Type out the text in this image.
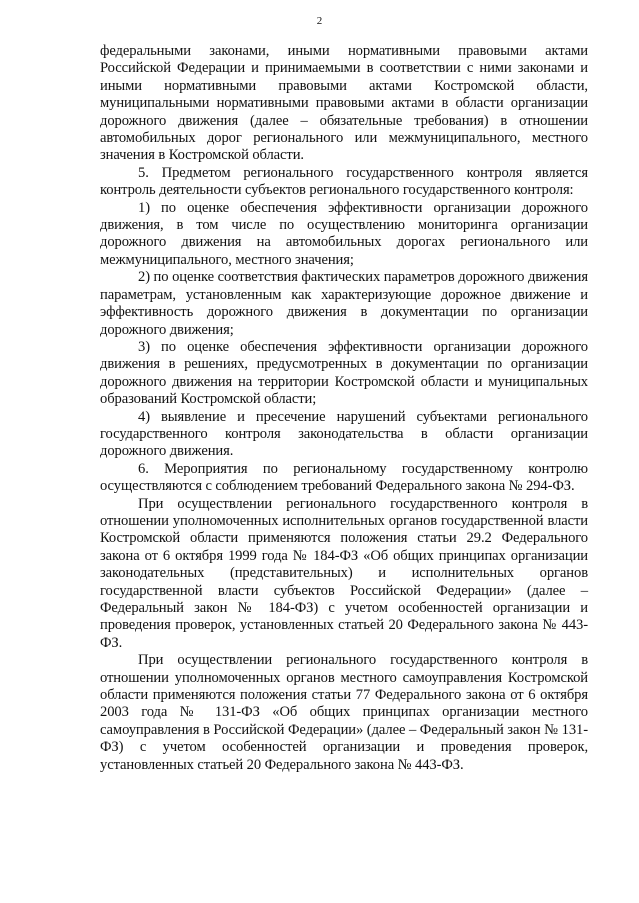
2

федеральными законами, иными нормативными правовыми актами Российской Федерации и принимаемыми в соответствии с ними законами и иными нормативными правовыми актами Костромской области, муниципальными нормативными правовыми актами в области организации дорожного движения (далее – обязательные требования) в отношении автомобильных дорог регионального или межмуниципального, местного значения в Костромской области.

5. Предметом регионального государственного контроля является контроль деятельности субъектов регионального государственного контроля:

1) по оценке обеспечения эффективности организации дорожного движения, в том числе по осуществлению мониторинга организации дорожного движения на автомобильных дорогах регионального или межмуниципального, местного значения;

2) по оценке соответствия фактических параметров дорожного движения параметрам, установленным как характеризующие дорожное движение и эффективность дорожного движения в документации по организации дорожного движения;

3) по оценке обеспечения эффективности организации дорожного движения в решениях, предусмотренных в документации по организации дорожного движения на территории Костромской области и муниципальных образований Костромской области;

4) выявление и пресечение нарушений субъектами регионального государственного контроля законодательства в области организации дорожного движения.

6. Мероприятия по региональному государственному контролю осуществляются с соблюдением требований Федерального закона № 294-ФЗ.

При осуществлении регионального государственного контроля в отношении уполномоченных исполнительных органов государственной власти Костромской области применяются положения статьи 29.2 Федерального закона от 6 октября 1999 года № 184-ФЗ «Об общих принципах организации законодательных (представительных) и исполнительных органов государственной власти субъектов Российской Федерации» (далее – Федеральный закон № 184-ФЗ) с учетом особенностей организации и проведения проверок, установленных статьей 20 Федерального закона № 443-ФЗ.

При осуществлении регионального государственного контроля в отношении уполномоченных органов местного самоуправления Костромской области применяются положения статьи 77 Федерального закона от 6 октября 2003 года № 131-ФЗ «Об общих принципах организации местного самоуправления в Российской Федерации» (далее – Федеральный закон № 131-ФЗ) с учетом особенностей организации и проведения проверок, установленных статьей 20 Федерального закона № 443-ФЗ.
